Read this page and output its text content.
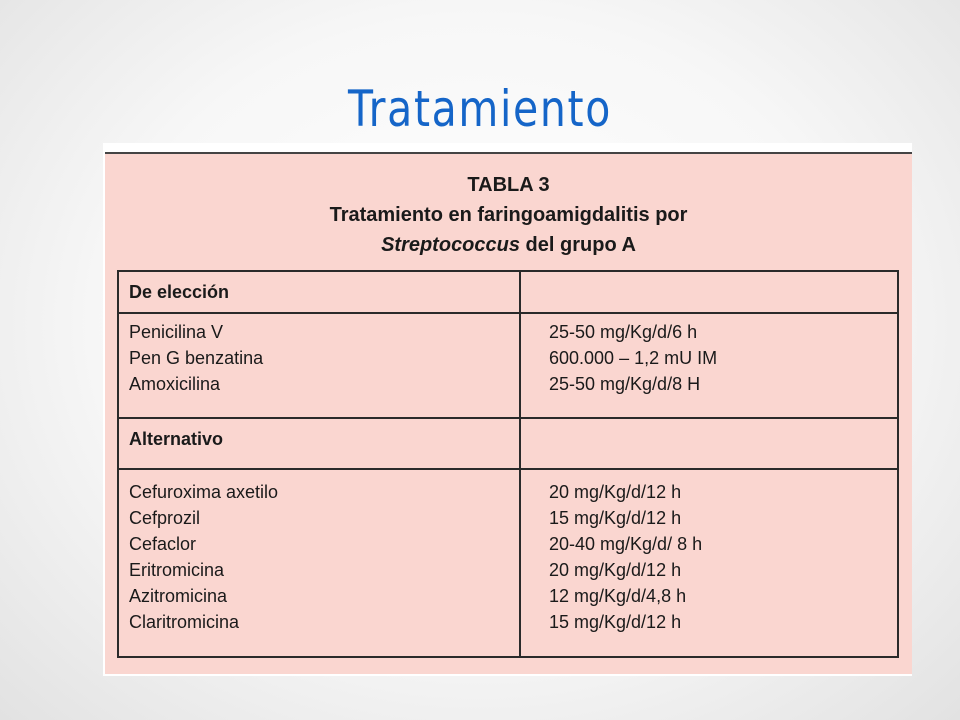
Tratamiento
TABLA 3
Tratamiento en faringoamigdalitis por
Streptococcus del grupo A
De elección
Penicilina V
Pen G benzatina
Amoxicilina
25-50 mg/Kg/d/6 h
600.000 – 1,2 mU IM
25-50 mg/Kg/d/8 H
Alternativo
Cefuroxima axetilo
Cefprozil
Cefaclor
Eritromicina
Azitromicina
Claritromicina
20 mg/Kg/d/12 h
15 mg/Kg/d/12 h
20-40 mg/Kg/d/ 8 h
20 mg/Kg/d/12 h
12 mg/Kg/d/4,8 h
15 mg/Kg/d/12 h
